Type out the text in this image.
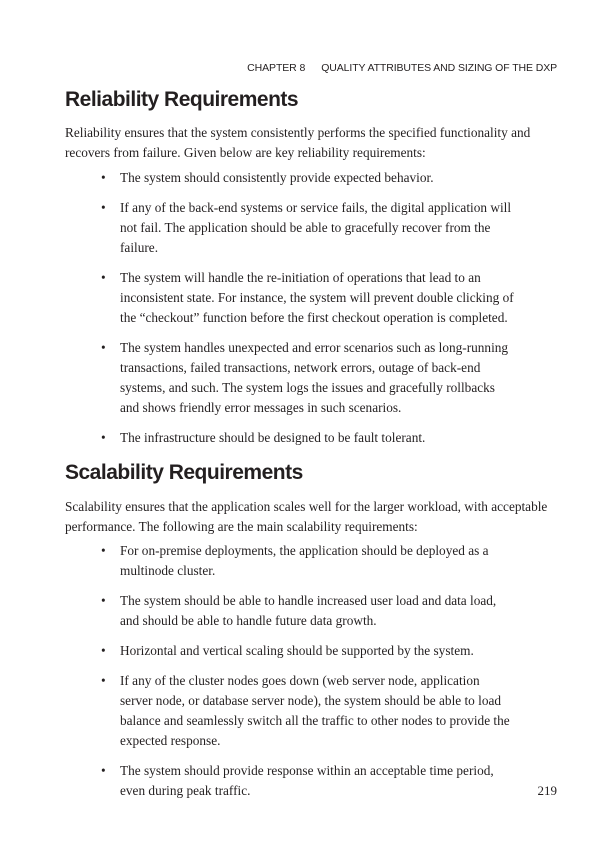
CHAPTER 8 QUALITY ATTRIBUTES AND SIZING OF THE DXP
Reliability Requirements

Reliability ensures that the system consistently performs the specified functionality and recovers from failure. Given below are key reliability requirements:

• The system should consistently provide expected behavior.
• If any of the back-end systems or service fails, the digital application will not fail. The application should be able to gracefully recover from the failure.
• The system will handle the re-initiation of operations that lead to an inconsistent state. For instance, the system will prevent double clicking of the “checkout” function before the first checkout operation is completed.
• The system handles unexpected and error scenarios such as long-running transactions, failed transactions, network errors, outage of back-end systems, and such. The system logs the issues and gracefully rollbacks and shows friendly error messages in such scenarios.
• The infrastructure should be designed to be fault tolerant.
Scalability Requirements

Scalability ensures that the application scales well for the larger workload, with acceptable performance. The following are the main scalability requirements:

• For on-premise deployments, the application should be deployed as a multinode cluster.
• The system should be able to handle increased user load and data load, and should be able to handle future data growth.
• Horizontal and vertical scaling should be supported by the system.
• If any of the cluster nodes goes down (web server node, application server node, or database server node), the system should be able to load balance and seamlessly switch all the traffic to other nodes to provide the expected response.
• The system should provide response within an acceptable time period, even during peak traffic.	219
